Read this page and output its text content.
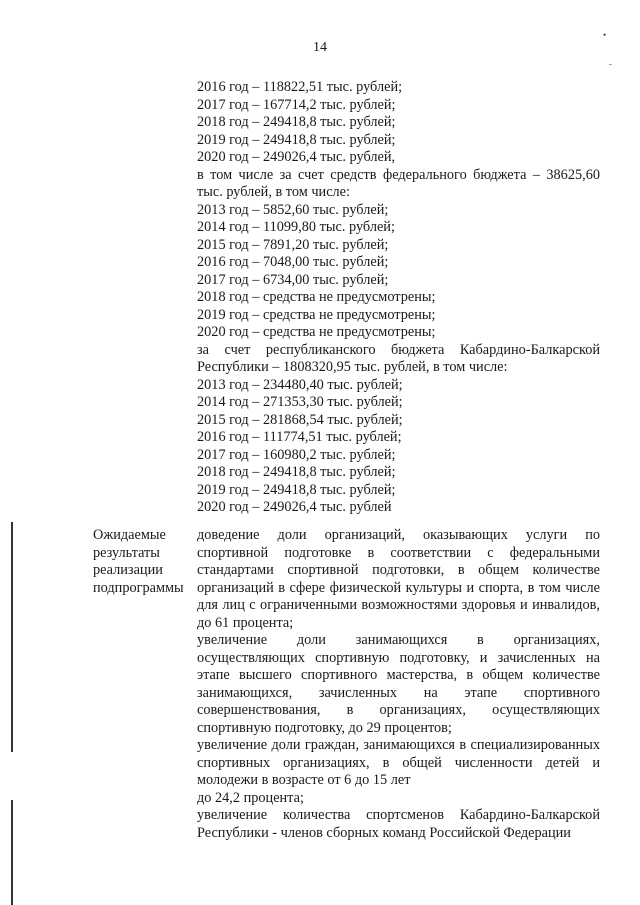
•
ˉ
14
2016 год – 118822,51 тыс. рублей;
2017 год – 167714,2 тыс. рублей;
2018 год – 249418,8 тыс. рублей;
2019 год – 249418,8 тыс. рублей;
2020 год – 249026,4 тыс. рублей,
в том числе за счет средств федерального бюджета – 38625,60 тыс. рублей, в том числе:
2013 год – 5852,60 тыс. рублей;
2014 год – 11099,80 тыс. рублей;
2015 год – 7891,20 тыс. рублей;
2016 год – 7048,00 тыс. рублей;
2017 год – 6734,00 тыс. рублей;
2018 год – средства не предусмотрены;
2019 год – средства не предусмотрены;
2020 год – средства не предусмотрены;
за счет республиканского бюджета Кабардино-Балкарской Республики – 1808320,95 тыс. рублей, в том числе:
2013 год – 234480,40 тыс. рублей;
2014 год – 271353,30 тыс. рублей;
2015 год – 281868,54 тыс. рублей;
2016 год – 111774,51 тыс. рублей;
2017 год – 160980,2 тыс. рублей;
2018 год – 249418,8 тыс. рублей;
2019 год – 249418,8 тыс. рублей;
2020 год – 249026,4 тыс. рублей
Ожидаемые
результаты
реализации
подпрограммы
доведение доли организаций, оказывающих услуги по спортивной подготовке в соответствии с федеральными стандартами спортивной подготовки, в общем количестве организаций в сфере физической культуры и спорта, в том числе для лиц с ограниченными возможностями здоровья и инвалидов, до 61 процента;
увеличение доли занимающихся в организациях, осуществляющих спортивную подготовку, и зачисленных на этапе высшего спортивного мастерства, в общем количестве занимающихся, зачисленных на этапе спортивного совершенствования, в организациях, осуществляющих спортивную подготовку, до 29 процентов;
увеличение доли граждан, занимающихся в специализированных спортивных организациях, в общей численности детей и молодежи в возрасте от 6 до 15 лет
до 24,2 процента;
увеличение количества спортсменов Кабардино-Балкарской Республики - членов сборных команд Российской Федерации
